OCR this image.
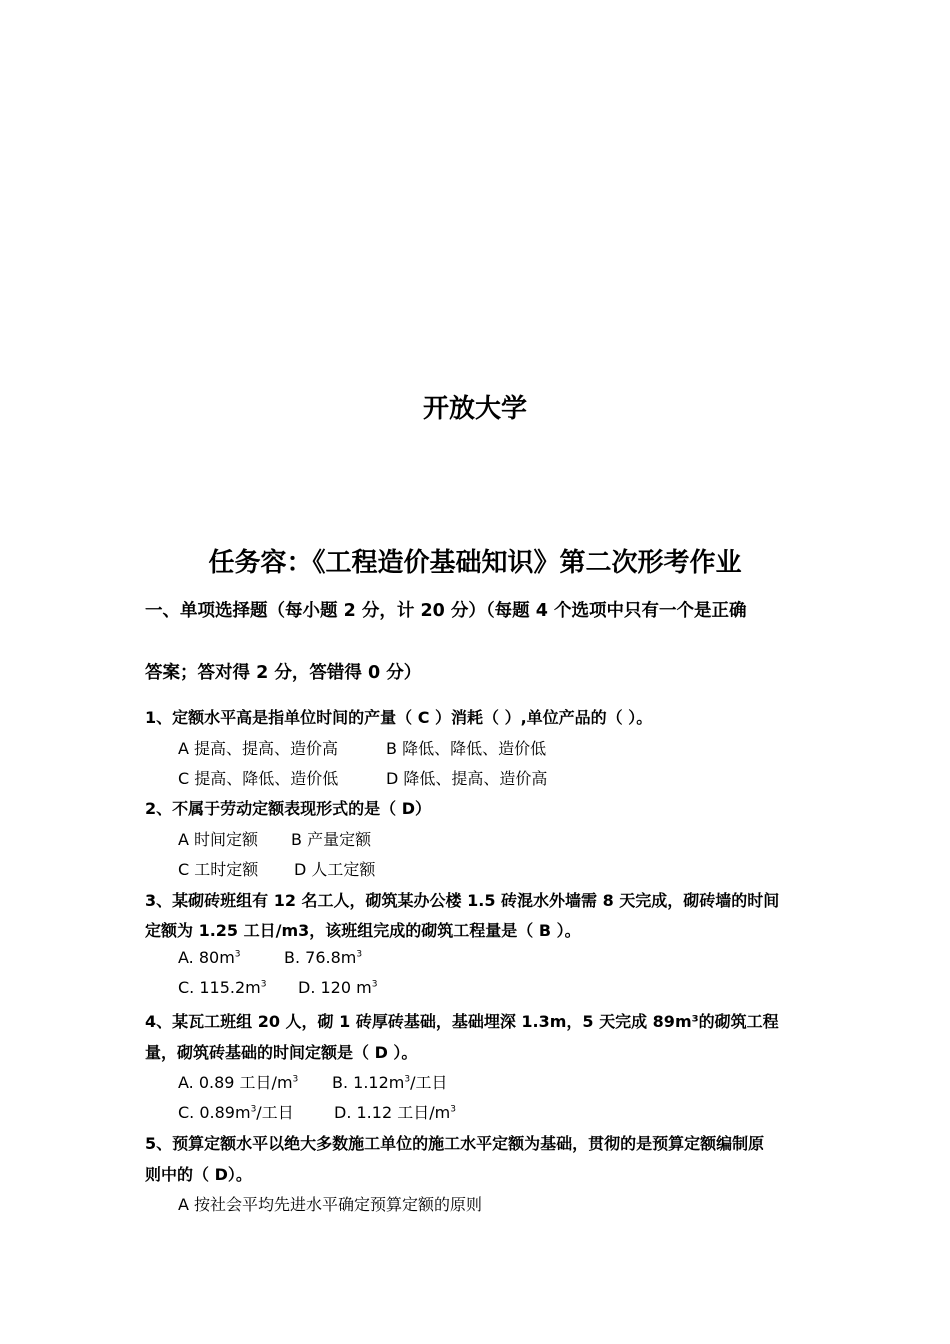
开放大学
任务容：《工程造价基础知识》第二次形考作业
一、单项选择题（每小题 2 分，计 20 分）（每题 4 个选项中只有一个是正确
答案；答对得 2 分，答错得 0 分）
1、定额水平高是指单位时间的产量（ C ）消耗（ ）,单位产品的（ ）。
A 提高、提高、造价高	B 降低、降低、造价低
C 提高、降低、造价低	D 降低、提高、造价高
2、不属于劳动定额表现形式的是（ D）
A 时间定额 B 产量定额
C 工时定额 D 人工定额
3、某砌砖班组有 12 名工人，砌筑某办公楼 1.5 砖混水外墙需 8 天完成，砌砖墙的时间
定额为 1.25 工日/m3，该班组完成的砌筑工程量是（ B ）。
A. $80m^3$	B. $76.8m^3$
C. $115.2m^3$ D. 120 $m^3$
4、某瓦工班组 20 人，砌 1 砖厚砖基础，基础埋深 1.3m，5 天完成 89m³的砌筑工程
量，砌筑砖基础的时间定额是（ D ）。
A. 0.89 工日$/m^3$ B. $1.12m^3/$工日
C. $0.89m^3/$工日	D. 1.12 工日$/m^3$
5、预算定额水平以绝大多数施工单位的施工水平定额为基础，贯彻的是预算定额编制原
则中的（ D）。
A 按社会平均先进水平确定预算定额的原则
